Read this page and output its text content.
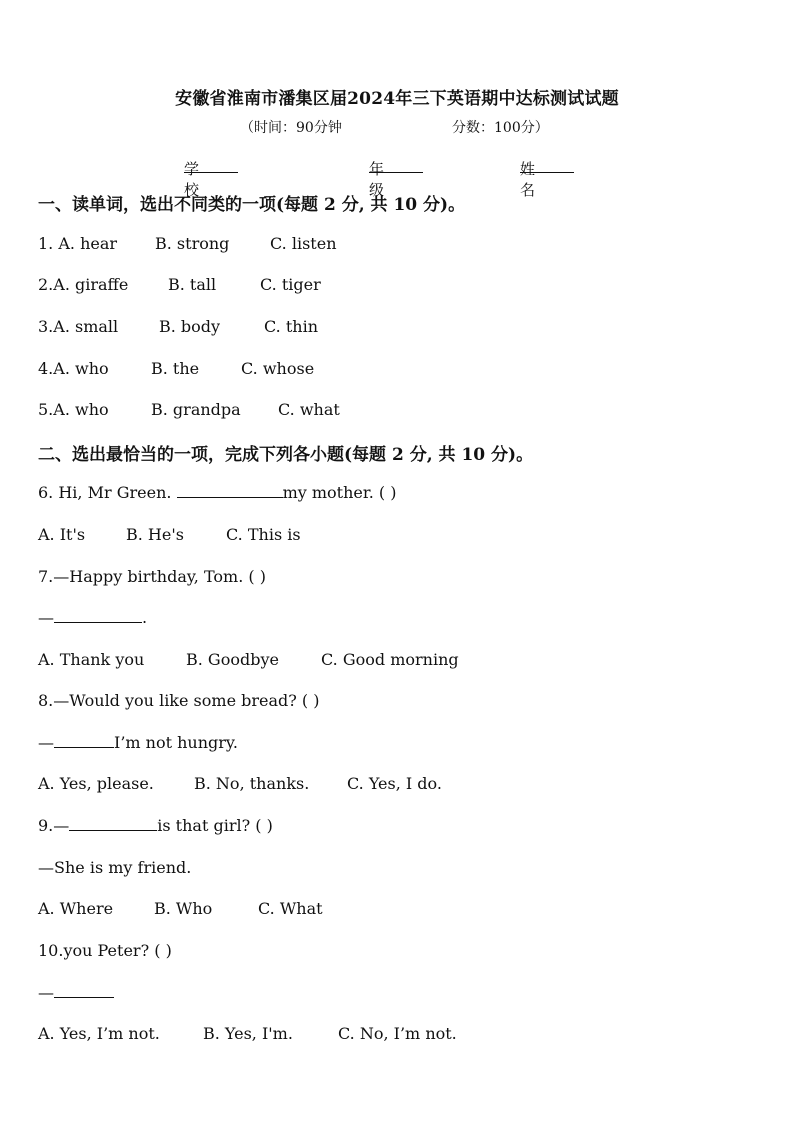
安徽省淮南市潘集区届2024年三下英语期中达标测试试题
（时间：90分钟	分数：100分）
学校
年级
姓名
一、读单词，选出不同类的一项(每题 2 分, 共 10 分)。
1. A. hear B. strong	C. listen
2.A. giraffe B. tall	C. tiger
3.A. small	B. body	C. thin
4.A. who	B. the	C. whose
5.A. who	B. grandpa C. what
二、选出最恰当的一项，完成下列各小题(每题 2 分, 共 10 分)。
6. Hi, Mr Green.	my mother. ( )
A. It's	B. He's	C. This is
7.—Happy birthday, Tom. ( )
—	.
A. Thank you	B. Goodbye	C. Good morning
8.—Would you like some bread? ( )
—	I’m not hungry.
A. Yes, please.	B. No, thanks. C. Yes, I do.
9.—	is that girl? ( )
—She is my friend.
A. Where	B. Who	C. What
10.you Peter? ( )
—
A. Yes, I’m not.	B. Yes, I'm.	C. No, I’m not.
